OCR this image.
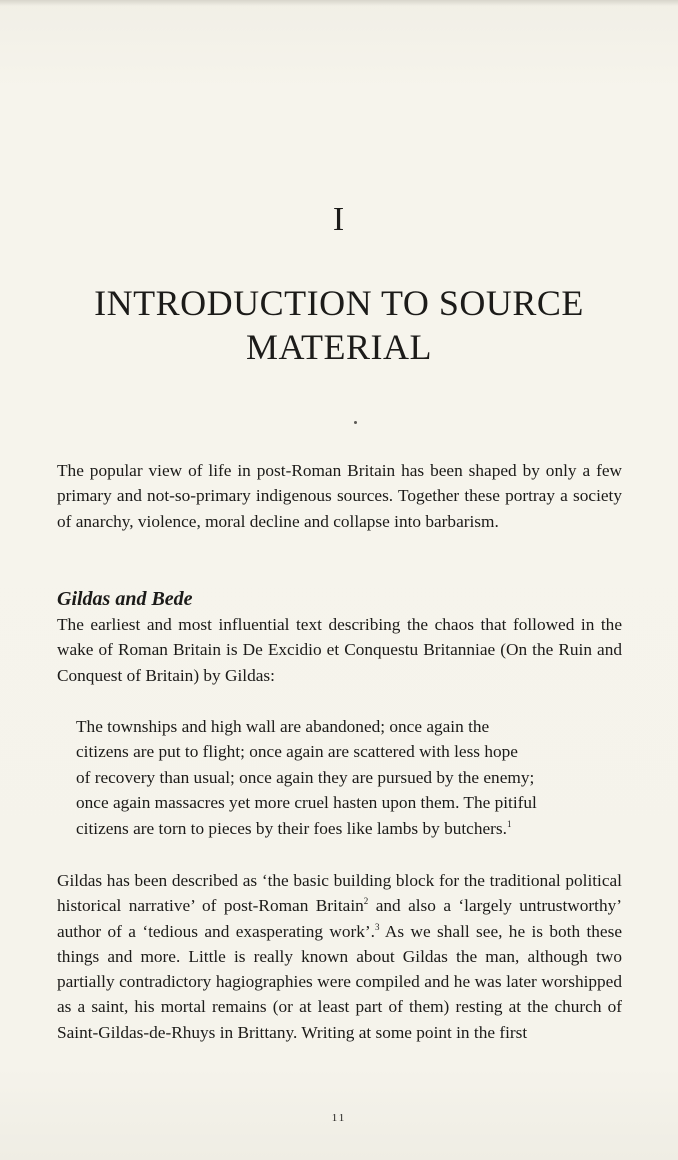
I
INTRODUCTION TO SOURCE
MATERIAL

The popular view of life in post-Roman Britain has been shaped by only a few primary and not-so-primary indigenous sources. Together these portray a society of anarchy, violence, moral decline and collapse into barbarism.

Gildas and Bede

The earliest and most influential text describing the chaos that followed in the wake of Roman Britain is De Excidio et Conquestu Britanniae (On the Ruin and Conquest of Britain) by Gildas:

The townships and high wall are abandoned; once again the
citizens are put to flight; once again are scattered with less hope
of recovery than usual; once again they are pursued by the enemy;
once again massacres yet more cruel hasten upon them. The pitiful
citizens are torn to pieces by their foes like lambs by butchers.$^1$

Gildas has been described as ‘the basic building block for the traditional political historical narrative’ of post-Roman Britain$^2$ and also a ‘largely untrustworthy’ author of a ‘tedious and exasperating work’.$^3$ As we shall see, he is both these things and more. Little is really known about Gildas the man, although two partially contradictory hagiographies were compiled and he was later worshipped as a saint, his mortal remains (or at least part of them) resting at the church of Saint-Gildas-de-Rhuys in Brittany. Writing at some point in the first

11
